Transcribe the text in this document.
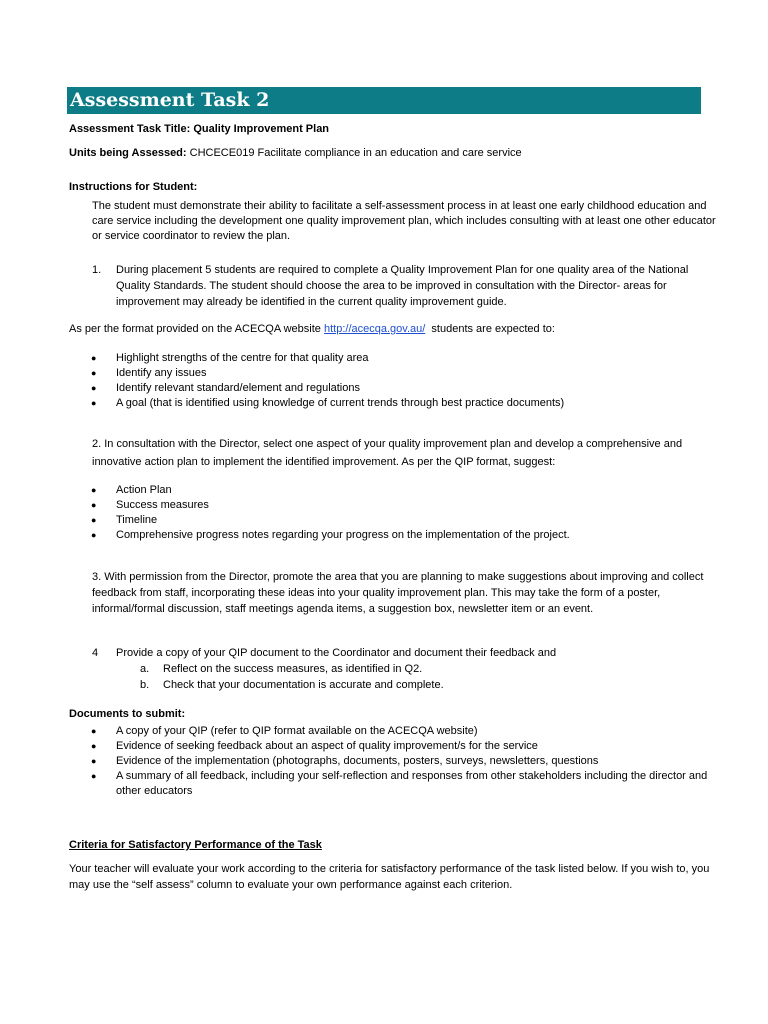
Assessment Task 2
Assessment Task Title: Quality Improvement Plan
Units being Assessed: CHCECE019 Facilitate compliance in an education and care service
Instructions for Student:
The student must demonstrate their ability to facilitate a self-assessment process in at least one early childhood education and
care service including the development one quality improvement plan, which includes consulting with at least one other educator
or service coordinator to review the plan.
1. During placement 5 students are required to complete a Quality Improvement Plan for one quality area of the National
Quality Standards. The student should choose the area to be improved in consultation with the Director- areas for
improvement may already be identified in the current quality improvement guide.
As per the format provided on the ACECQA website http://acecqa.gov.au/ students are expected to:
● Highlight strengths of the centre for that quality area
● Identify any issues
● Identify relevant standard/element and regulations
● A goal (that is identified using knowledge of current trends through best practice documents)
2. In consultation with the Director, select one aspect of your quality improvement plan and develop a comprehensive and
innovative action plan to implement the identified improvement. As per the QIP format, suggest:
● Action Plan
● Success measures
● Timeline
● Comprehensive progress notes regarding your progress on the implementation of the project.
3. With permission from the Director, promote the area that you are planning to make suggestions about improving and collect
feedback from staff, incorporating these ideas into your quality improvement plan. This may take the form of a poster,
informal/formal discussion, staff meetings agenda items, a suggestion box, newsletter item or an event.
4 Provide a copy of your QIP document to the Coordinator and document their feedback and
a. Reflect on the success measures, as identified in Q2.
b. Check that your documentation is accurate and complete.
Documents to submit:
● A copy of your QIP (refer to QIP format available on the ACECQA website)
● Evidence of seeking feedback about an aspect of quality improvement/s for the service
● Evidence of the implementation (photographs, documents, posters, surveys, newsletters, questions
● A summary of all feedback, including your self-reflection and responses from other stakeholders including the director and
other educators
Criteria for Satisfactory Performance of the Task
Your teacher will evaluate your work according to the criteria for satisfactory performance of the task listed below. If you wish to, you
may use the “self assess” column to evaluate your own performance against each criterion.
